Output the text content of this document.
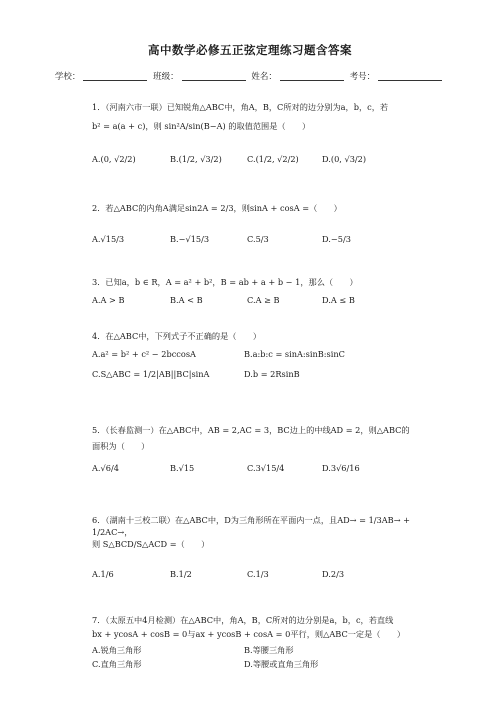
高中数学必修五正弦定理练习题含答案
学校：	班级：	姓名：	考号：
1．（河南六市一联）已知锐角△ABC中，角A，B，C所对的边分别为a，b，c，若
b² = a(a + c)，则 sin²A/sin(B−A) 的取值范围是（　　）
A.(0, √2/2)	B.(1/2, √3/2)	C.(1/2, √2/2)	D.(0, √3/2)
2．若△ABC的内角A满足sin2A = 2/3，则sinA + cosA =（　　）
A.√15/3	B.−√15/3	C.5/3	D.−5/3
3．已知a，b ∈ R，A = a² + b²，B = ab + a + b − 1，那么（　　）
A.A > B	B.A < B	C.A ≥ B	D.A ≤ B
4．在△ABC中，下列式子不正确的是（　　）
A.a² = b² + c² − 2bccosA	B.a:b:c = sinA:sinB:sinC
C.S△ABC = 1/2|AB||BC|sinA	D.b = 2RsinB
5．（长春监测一）在△ABC中，AB = 2,AC = 3，BC边上的中线AD = 2，则△ABC的
面积为（　　）
A.√6/4	B.√15	C.3√15/4	D.3√6/16
6．（湖南十三校二联）在△ABC中，D为三角形所在平面内一点，且AD→ = 1/3AB→ + 1/2AC→，
则 S△BCD/S△ACD =（　　）
A.1/6	B.1/2	C.1/3	D.2/3
7．（太原五中4月检测）在△ABC中，角A，B，C所对的边分别是a，b，c，若直线
bx + ycosA + cosB = 0与ax + ycosB + cosA = 0平行，则△ABC一定是（　　）
A.锐角三角形	B.等腰三角形
C.直角三角形	D.等腰或直角三角形
